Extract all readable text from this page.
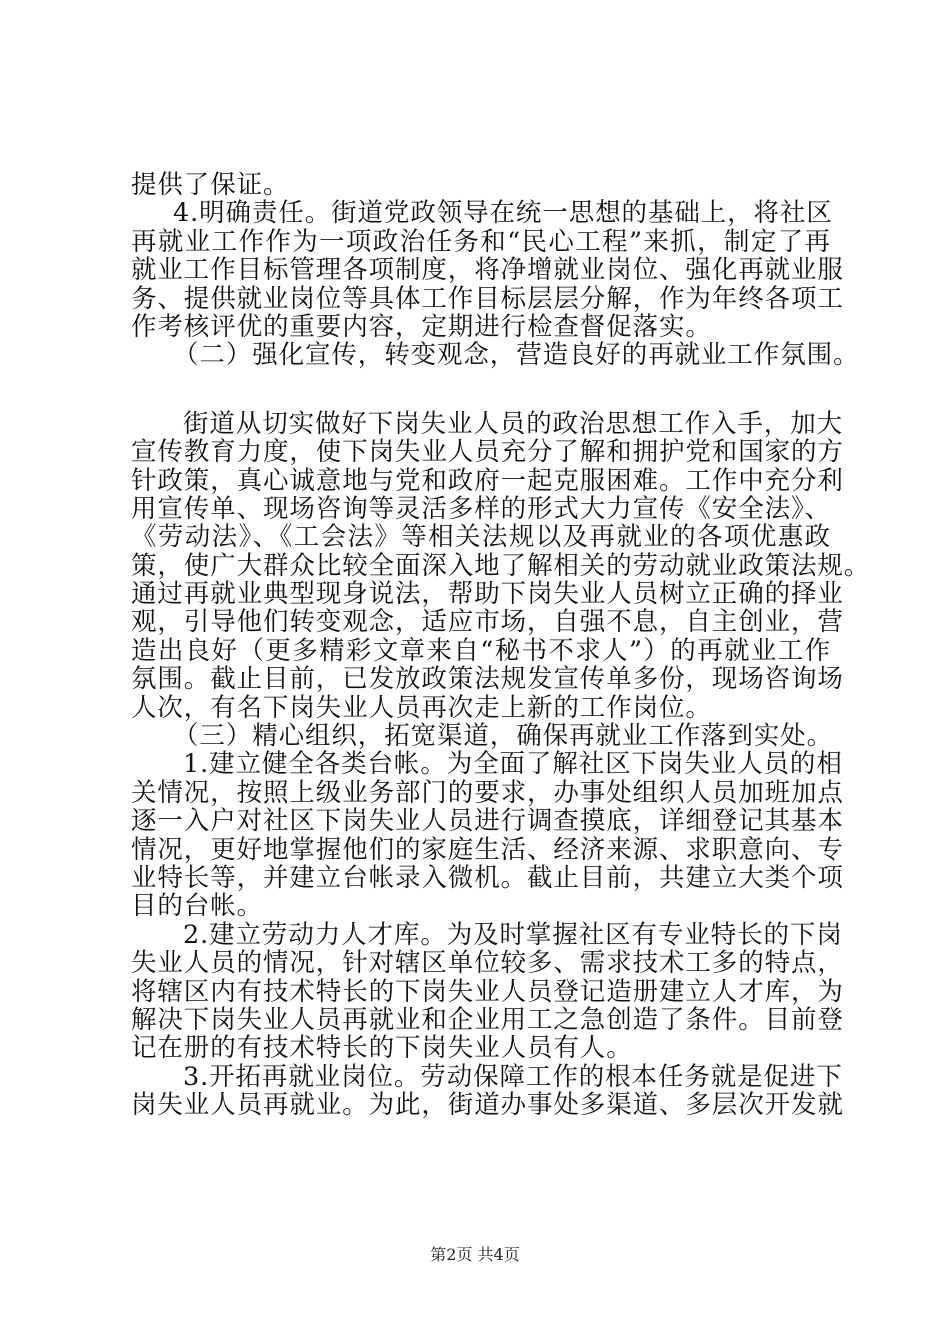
提供了保证。
4.明确责任。街道党政领导在统一思想的基础上，将社区
再就业工作作为一项政治任务和“民心工程”来抓，制定了再
就业工作目标管理各项制度，将净增就业岗位、强化再就业服
务、提供就业岗位等具体工作目标层层分解，作为年终各项工
作考核评优的重要内容，定期进行检查督促落实。
（二）强化宣传，转变观念，营造良好的再就业工作氛围。
街道从切实做好下岗失业人员的政治思想工作入手，加大
宣传教育力度，使下岗失业人员充分了解和拥护党和国家的方
针政策，真心诚意地与党和政府一起克服困难。工作中充分利
用宣传单、现场咨询等灵活多样的形式大力宣传《安全法》、
《劳动法》、《工会法》等相关法规以及再就业的各项优惠政
策，使广大群众比较全面深入地了解相关的劳动就业政策法规。
通过再就业典型现身说法，帮助下岗失业人员树立正确的择业
观，引导他们转变观念，适应市场，自强不息，自主创业，营
造出良好（更多精彩文章来自“秘书不求人”）的再就业工作
氛围。截止目前，已发放政策法规发宣传单多份，现场咨询场
人次，有名下岗失业人员再次走上新的工作岗位。
（三）精心组织，拓宽渠道，确保再就业工作落到实处。
1.建立健全各类台帐。为全面了解社区下岗失业人员的相
关情况，按照上级业务部门的要求，办事处组织人员加班加点
逐一入户对社区下岗失业人员进行调查摸底，详细登记其基本
情况，更好地掌握他们的家庭生活、经济来源、求职意向、专
业特长等，并建立台帐录入微机。截止目前，共建立大类个项
目的台帐。
2.建立劳动力人才库。为及时掌握社区有专业特长的下岗
失业人员的情况，针对辖区单位较多、需求技术工多的特点，
将辖区内有技术特长的下岗失业人员登记造册建立人才库，为
解决下岗失业人员再就业和企业用工之急创造了条件。目前登
记在册的有技术特长的下岗失业人员有人。
3.开拓再就业岗位。劳动保障工作的根本任务就是促进下
岗失业人员再就业。为此，街道办事处多渠道、多层次开发就
第2页 共4页
